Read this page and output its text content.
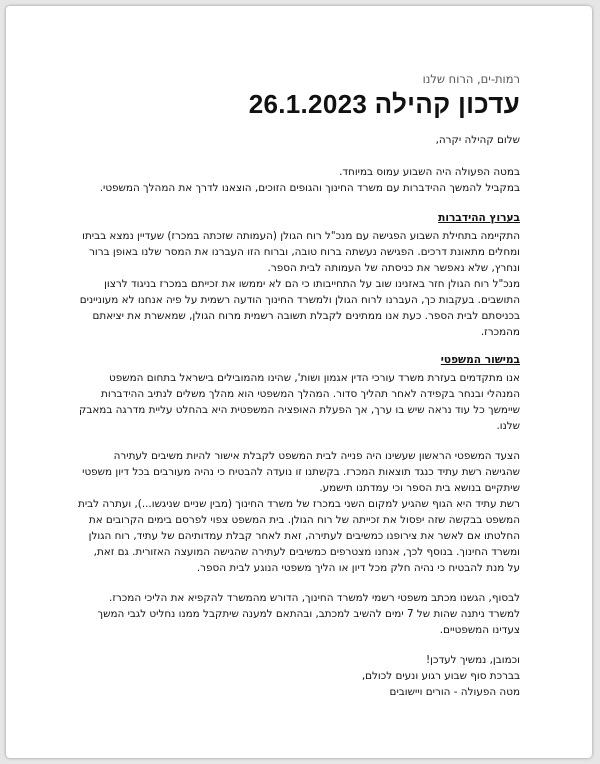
רמות-ים, הרוח שלנו
עדכון קהילה 26.1.2023

שלום קהילה יקרה,

במטה הפעולה היה השבוע עמוס במיוחד.

במקביל להמשך ההידברות עם משרד החינוך והגופים הזוכים, הוצאנו לדרך את המהלך המשפטי.

בערוץ ההידברות

התקיימה בתחילת השבוע הפגישה עם מנכ"ל רוח הגולן (העמותה שזכתה במכרז) שעדיין נמצא בביתו ומחלים מתאונת דרכים. הפגישה נעשתה ברוח טובה, וברוח הזו העברנו את המסר שלנו באופן ברור ונחרץ, שלא נאפשר את כניסתה של העמותה לבית הספר.

מנכ"ל רוח הגולן חזר באזנינו שוב על התחייבותו כי הם לא יממשו את זכייתם במכרז בניגוד לרצון התושבים. בעקבות כך, העברנו לרוח הגולן ולמשרד החינוך הודעה רשמית על פיה אנחנו לא מעוניינים בכניסתם לבית הספר. כעת אנו ממתינים לקבלת תשובה רשמית מרוח הגולן, שמאשרת את יציאתם מהמכרז.

במישור המשפטי

אנו מתקדמים בעזרת משרד עורכי הדין אגמון ושות', שהינו מהמובילים בישראל בתחום המשפט המנהלי ובנחר בקפידה לאחר תהליך סדור. המהלך המשפטי הוא מהלך משלים לנתיב ההידברות שיימשך כל עוד נראה שיש בו ערך, אך הפעלת האופציה המשפטית היא בהחלט עליית מדרגה במאבק שלנו.

הצעד המשפטי הראשון שעשינו היה פנייה לבית המשפט לקבלת אישור להיות משיבים לעתירה שהגישה רשת עתיד כנגד תוצאות המכרז. בקשתנו זו נועדה להבטיח כי נהיה מעורבים בכל דיון משפטי שיתקיים בנושא בית הספר וכי עמדתנו תישמע.

רשת עתיד היא הגוף שהגיע למקום השני במכרז של משרד החינוך (מבין שניים שניגשו...), ועתרה לבית המשפט בבקשה שזה יפסול את זכייתה של רוח הגולן. בית המשפט צפוי לפרסם בימים הקרובים את החלטתו אם לאשר את צירופנו כמשיבים לעתירה, זאת לאחר קבלת עמדותיהם של עתיד, רוח הגולן ומשרד החינוך. בנוסף לכך, אנחנו מצטרפים כמשיבים לעתירה שהגישה המועצה האזורית. גם זאת, על מנת להבטיח כי נהיה חלק מכל דיון או הליך משפטי הנוגע לבית הספר.

לבסוף, הגשנו מכתב משפטי רשמי למשרד החינוך, הדורש מהמשרד להקפיא את הליכי המכרז. למשרד ניתנה שהות של 7 ימים להשיב למכתב, ובהתאם למענה שיתקבל ממנו נחליט לגבי המשך צעדינו המשפטיים.

וכמובן, נמשיך לעדכן!

בברכת סוף שבוע רגוע ונעים לכולם,

מטה הפעולה - הורים ויישובים
